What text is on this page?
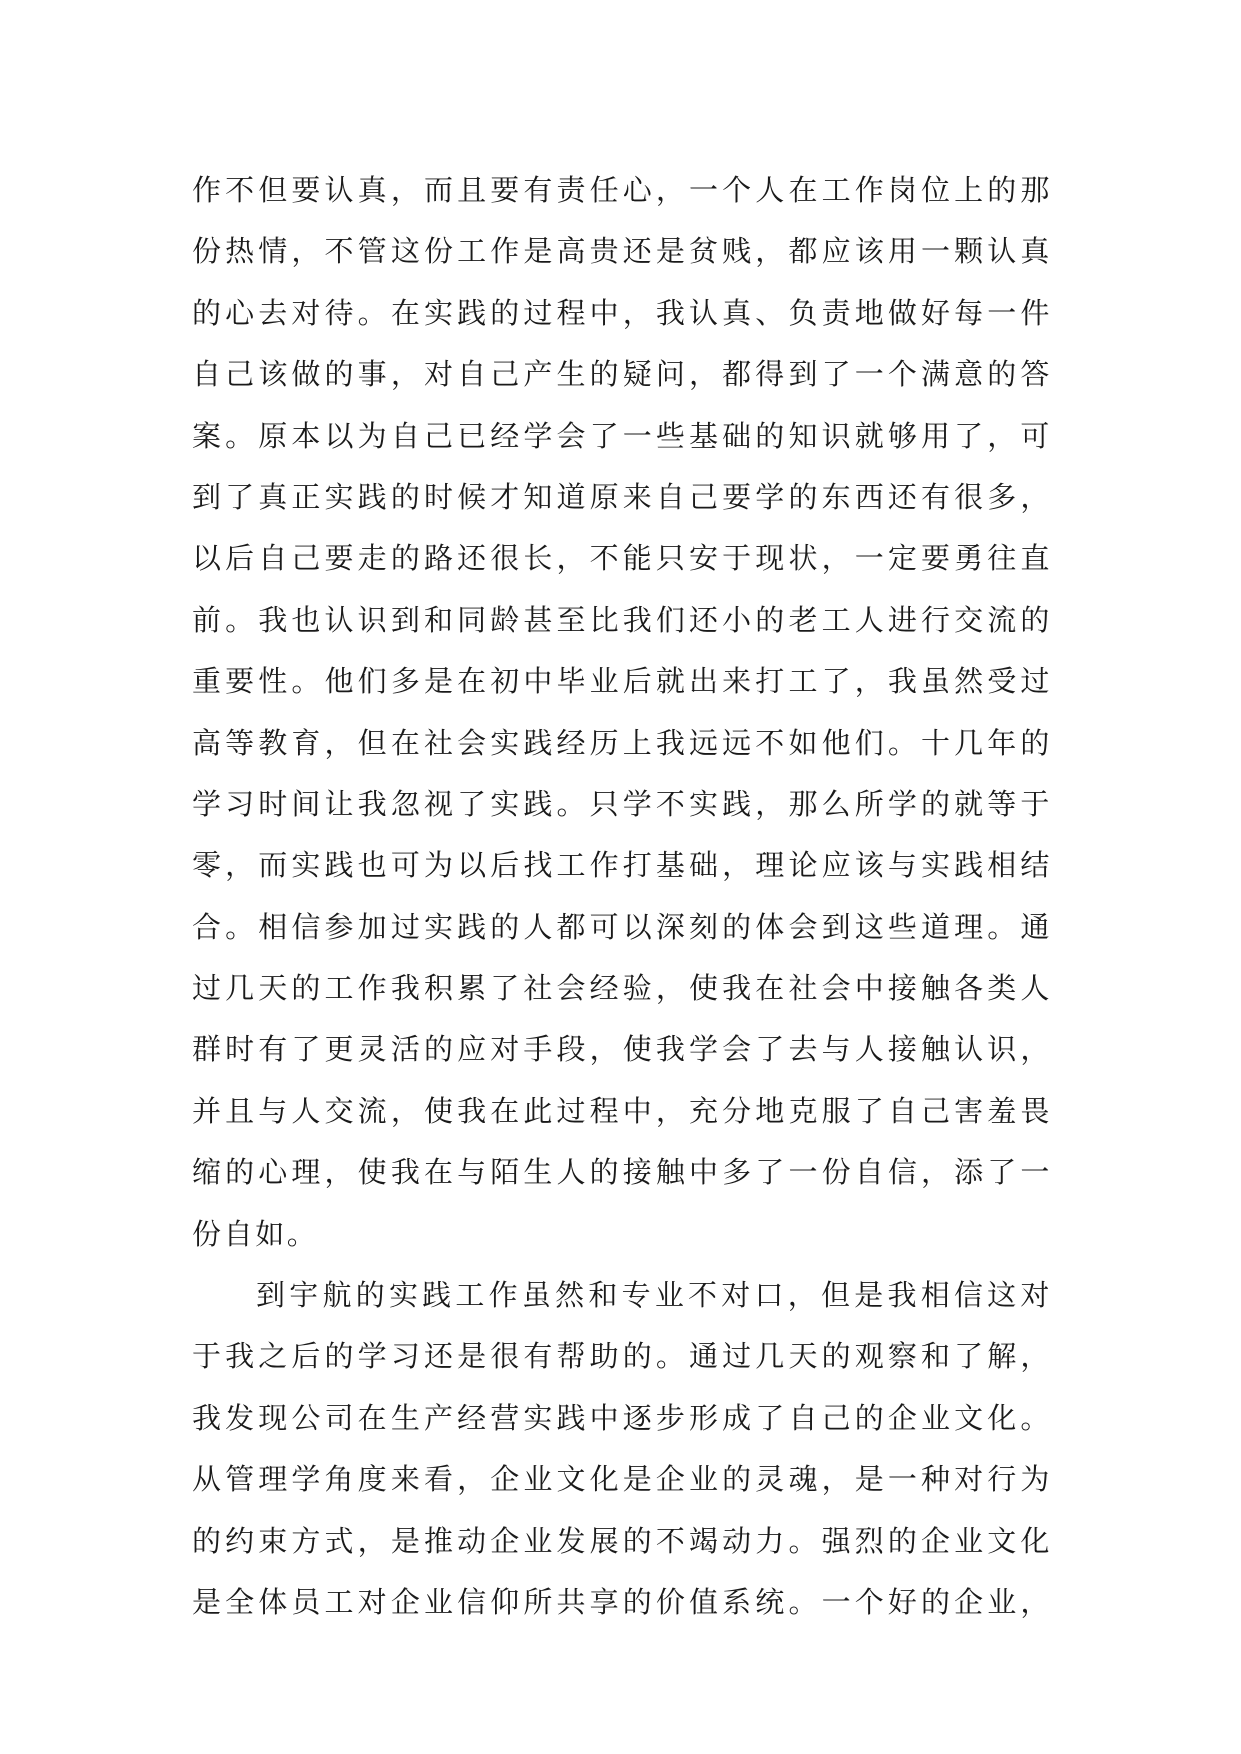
作不但要认真，而且要有责任心，一个人在工作岗位上的那
份热情，不管这份工作是高贵还是贫贱，都应该用一颗认真
的心去对待。在实践的过程中，我认真、负责地做好每一件
自己该做的事，对自己产生的疑问，都得到了一个满意的答
案。原本以为自己已经学会了一些基础的知识就够用了，可
到了真正实践的时候才知道原来自己要学的东西还有很多，
以后自己要走的路还很长，不能只安于现状，一定要勇往直
前。我也认识到和同龄甚至比我们还小的老工人进行交流的
重要性。他们多是在初中毕业后就出来打工了，我虽然受过
高等教育，但在社会实践经历上我远远不如他们。十几年的
学习时间让我忽视了实践。只学不实践，那么所学的就等于
零，而实践也可为以后找工作打基础，理论应该与实践相结
合。相信参加过实践的人都可以深刻的体会到这些道理。通
过几天的工作我积累了社会经验，使我在社会中接触各类人
群时有了更灵活的应对手段，使我学会了去与人接触认识，
并且与人交流，使我在此过程中，充分地克服了自己害羞畏
缩的心理，使我在与陌生人的接触中多了一份自信，添了一
份自如。
到宇航的实践工作虽然和专业不对口，但是我相信这对
于我之后的学习还是很有帮助的。通过几天的观察和了解，
我发现公司在生产经营实践中逐步形成了自己的企业文化。
从管理学角度来看，企业文化是企业的灵魂，是一种对行为
的约束方式，是推动企业发展的不竭动力。强烈的企业文化
是全体员工对企业信仰所共享的价值系统。一个好的企业，
